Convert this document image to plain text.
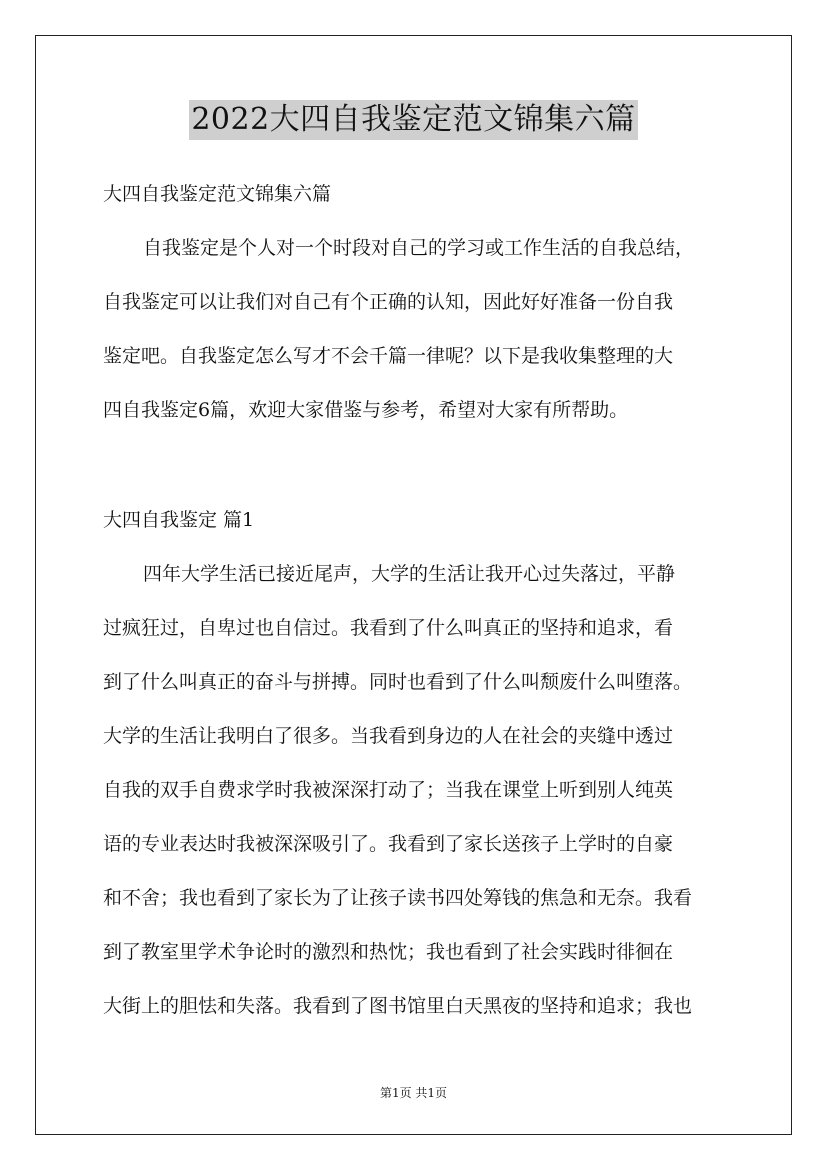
2022大四自我鉴定范文锦集六篇
大四自我鉴定范文锦集六篇
自我鉴定是个人对一个时段对自己的学习或工作生活的自我总结，
自我鉴定可以让我们对自己有个正确的认知，因此好好准备一份自我
鉴定吧。自我鉴定怎么写才不会千篇一律呢？以下是我收集整理的大
四自我鉴定6篇，欢迎大家借鉴与参考，希望对大家有所帮助。
大四自我鉴定 篇1
四年大学生活已接近尾声，大学的生活让我开心过失落过，平静
过疯狂过，自卑过也自信过。我看到了什么叫真正的坚持和追求，看
到了什么叫真正的奋斗与拼搏。同时也看到了什么叫颓废什么叫堕落。
大学的生活让我明白了很多。当我看到身边的人在社会的夹缝中透过
自我的双手自费求学时我被深深打动了；当我在课堂上听到别人纯英
语的专业表达时我被深深吸引了。我看到了家长送孩子上学时的自豪
和不舍；我也看到了家长为了让孩子读书四处筹钱的焦急和无奈。我看
到了教室里学术争论时的激烈和热忱；我也看到了社会实践时徘徊在
大街上的胆怯和失落。我看到了图书馆里白天黑夜的坚持和追求；我也
第1页 共1页
